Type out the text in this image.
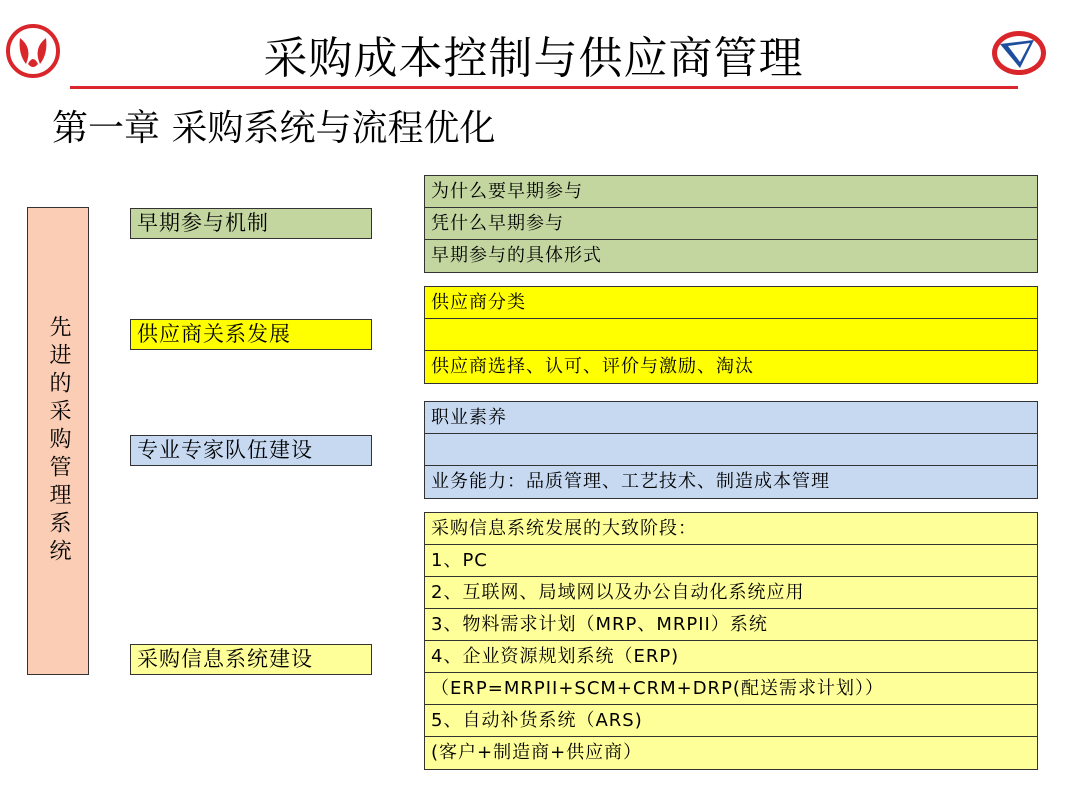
采购成本控制与供应商管理
第一章 采购系统与流程优化
先进的采购管理系统
早期参与机制
供应商关系发展
专业专家队伍建设
采购信息系统建设
为什么要早期参与
凭什么早期参与
早期参与的具体形式
供应商分类
供应商选择、认可、评价与激励、淘汰
职业素养
业务能力：品质管理、工艺技术、制造成本管理
采购信息系统发展的大致阶段：
1、PC
2、互联网、局域网以及办公自动化系统应用
3、物料需求计划（MRP、MRPII）系统
4、企业资源规划系统（ERP)
（ERP=MRPII+SCM+CRM+DRP(配送需求计划））
5、自动补货系统（ARS)
(客户+制造商+供应商）
